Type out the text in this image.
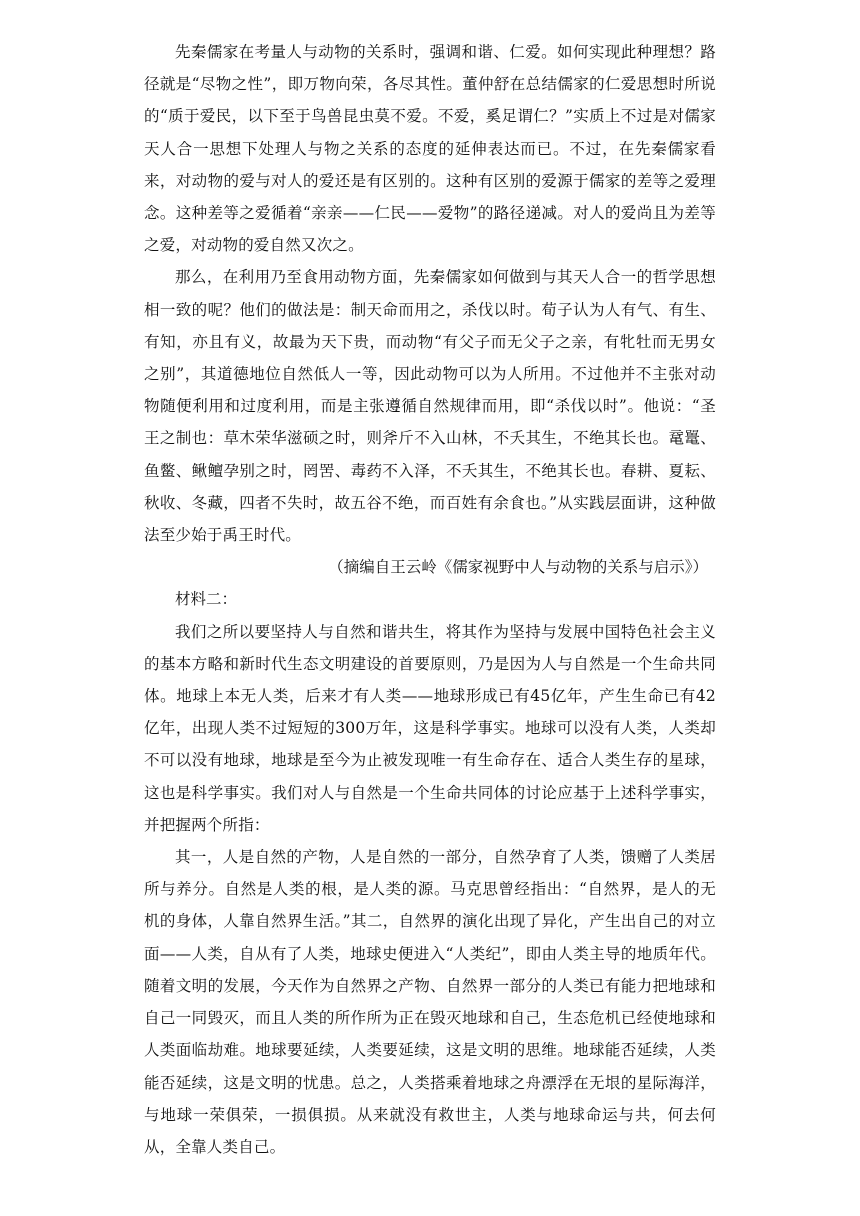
先秦儒家在考量人与动物的关系时，强调和谐、仁爱。如何实现此种理想？路径就是“尽物之性”，即万物向荣，各尽其性。董仲舒在总结儒家的仁爱思想时所说的“质于爱民，以下至于鸟兽昆虫莫不爱。不爱，奚足谓仁？”实质上不过是对儒家天人合一思想下处理人与物之关系的态度的延伸表达而已。不过，在先秦儒家看来，对动物的爱与对人的爱还是有区别的。这种有区别的爱源于儒家的差等之爱理念。这种差等之爱循着“亲亲——仁民——爱物”的路径递减。对人的爱尚且为差等之爱，对动物的爱自然又次之。

那么，在利用乃至食用动物方面，先秦儒家如何做到与其天人合一的哲学思想相一致的呢？他们的做法是：制天命而用之，杀伐以时。荀子认为人有气、有生、有知，亦且有义，故最为天下贵，而动物“有父子而无父子之亲，有牝牡而无男女之别”，其道德地位自然低人一等，因此动物可以为人所用。不过他并不主张对动物随便利用和过度利用，而是主张遵循自然规律而用，即“杀伐以时”。他说：“圣王之制也：草木荣华滋硕之时，则斧斤不入山林，不夭其生，不绝其长也。鼋鼍、鱼鳖、鳅鳣孕别之时，罔罟、毒药不入泽，不夭其生，不绝其长也。春耕、夏耘、秋收、冬藏，四者不失时，故五谷不绝，而百姓有余食也。”从实践层面讲，这种做法至少始于禹王时代。

（摘编自王云岭《儒家视野中人与动物的关系与启示》）

材料二：

我们之所以要坚持人与自然和谐共生，将其作为坚持与发展中国特色社会主义的基本方略和新时代生态文明建设的首要原则，乃是因为人与自然是一个生命共同体。地球上本无人类，后来才有人类——地球形成已有45亿年，产生生命已有42亿年，出现人类不过短短的300万年，这是科学事实。地球可以没有人类，人类却不可以没有地球，地球是至今为止被发现唯一有生命存在、适合人类生存的星球，这也是科学事实。我们对人与自然是一个生命共同体的讨论应基于上述科学事实，并把握两个所指：

其一，人是自然的产物，人是自然的一部分，自然孕育了人类，馈赠了人类居所与养分。自然是人类的根，是人类的源。马克思曾经指出：“自然界，是人的无机的身体，人靠自然界生活。”其二，自然界的演化出现了异化，产生出自己的对立面——人类，自从有了人类，地球史便进入“人类纪”，即由人类主导的地质年代。随着文明的发展，今天作为自然界之产物、自然界一部分的人类已有能力把地球和自己一同毁灭，而且人类的所作所为正在毁灭地球和自己，生态危机已经使地球和人类面临劫难。地球要延续，人类要延续，这是文明的思维。地球能否延续，人类能否延续，这是文明的忧患。总之，人类搭乘着地球之舟漂浮在无垠的星际海洋，与地球一荣俱荣，一损俱损。从来就没有救世主，人类与地球命运与共，何去何从，全靠人类自己。
